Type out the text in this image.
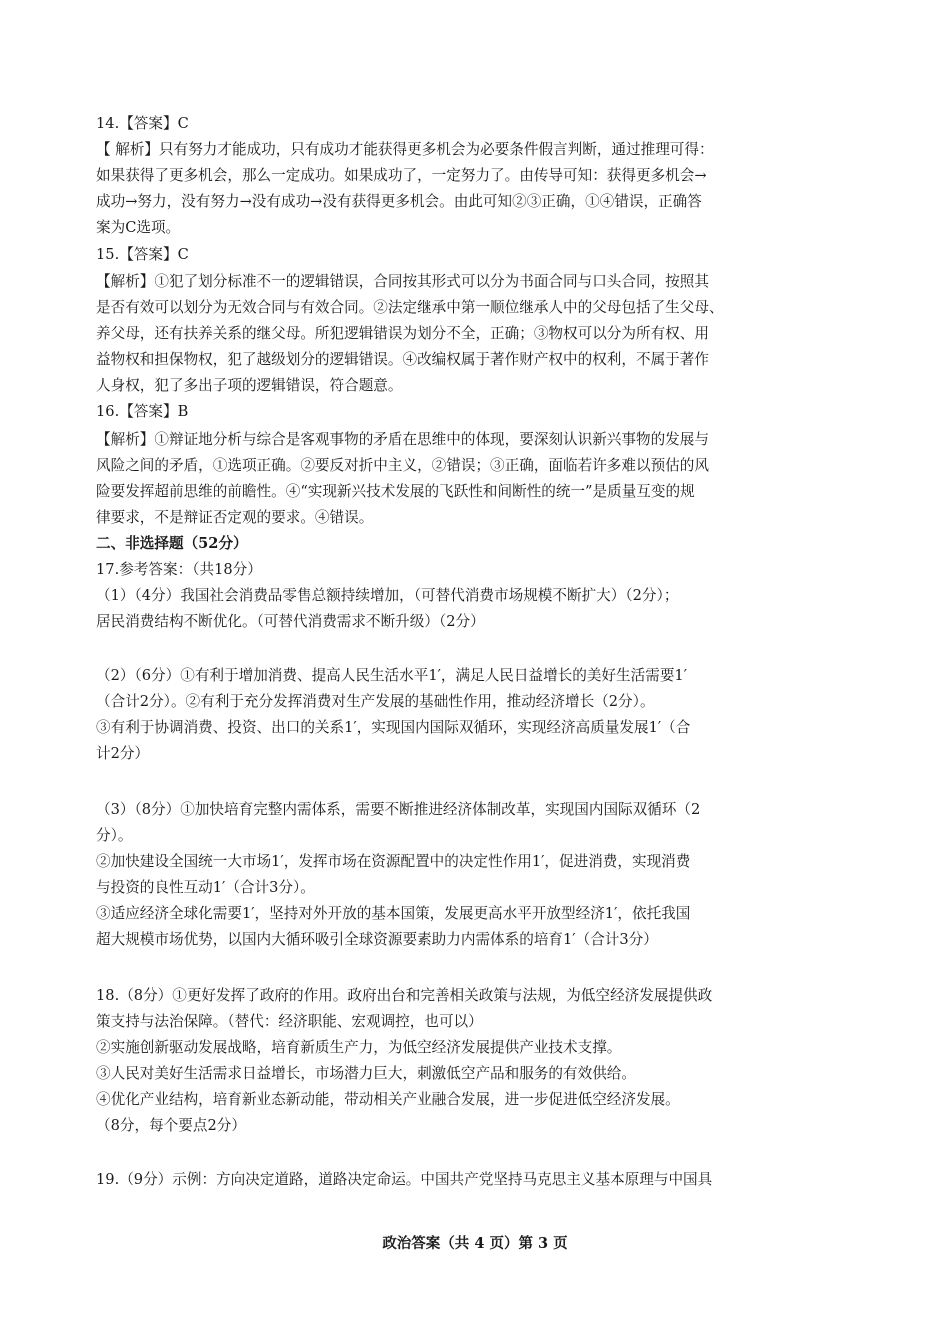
14.【答案】C
【 解析】只有努力才能成功，只有成功才能获得更多机会为必要条件假言判断，通过推理可得：
如果获得了更多机会，那么一定成功。如果成功了，一定努力了。由传导可知：获得更多机会→
成功→努力，没有努力→没有成功→没有获得更多机会。由此可知②③正确，①④错误，正确答
案为C选项。
15.【答案】C
【解析】①犯了划分标准不一的逻辑错误，合同按其形式可以分为书面合同与口头合同，按照其
是否有效可以划分为无效合同与有效合同。②法定继承中第一顺位继承人中的父母包括了生父母、
养父母，还有扶养关系的继父母。所犯逻辑错误为划分不全，正确；③物权可以分为所有权、用
益物权和担保物权，犯了越级划分的逻辑错误。④改编权属于著作财产权中的权利，不属于著作
人身权，犯了多出子项的逻辑错误，符合题意。
16.【答案】B
【解析】①辩证地分析与综合是客观事物的矛盾在思维中的体现，要深刻认识新兴事物的发展与
风险之间的矛盾，①选项正确。②要反对折中主义，②错误；③正确，面临若许多难以预估的风
险要发挥超前思维的前瞻性。④“实现新兴技术发展的飞跃性和间断性的统一”是质量互变的规
律要求，不是辩证否定观的要求。④错误。
二、非选择题（52分）
17.参考答案：（共18分）
（1）（4分）我国社会消费品零售总额持续增加，（可替代消费市场规模不断扩大）（2分）；
居民消费结构不断优化。（可替代消费需求不断升级）（2分）
（2）（6分）①有利于增加消费、提高人民生活水平1′，满足人民日益增长的美好生活需要1′
（合计2分）。②有利于充分发挥消费对生产发展的基础性作用，推动经济增长（2分）。
③有利于协调消费、投资、出口的关系1′，实现国内国际双循环，实现经济高质量发展1′（合
计2分）
（3）（8分）①加快培育完整内需体系，需要不断推进经济体制改革，实现国内国际双循环（2
分）。
②加快建设全国统一大市场1′，发挥市场在资源配置中的决定性作用1′，促进消费，实现消费
与投资的良性互动1′（合计3分）。
③适应经济全球化需要1′，坚持对外开放的基本国策，发展更高水平开放型经济1′，依托我国
超大规模市场优势，以国内大循环吸引全球资源要素助力内需体系的培育1′（合计3分）
18.（8分）①更好发挥了政府的作用。政府出台和完善相关政策与法规，为低空经济发展提供政
策支持与法治保障。（替代：经济职能、宏观调控，也可以）
②实施创新驱动发展战略，培育新质生产力，为低空经济发展提供产业技术支撑。
③人民对美好生活需求日益增长，市场潜力巨大，刺激低空产品和服务的有效供给。
④优化产业结构，培育新业态新动能，带动相关产业融合发展，进一步促进低空经济发展。
（8分，每个要点2分）
19.（9分）示例：方向决定道路，道路决定命运。中国共产党坚持马克思主义基本原理与中国具
政治答案（共 4 页）第 3 页
